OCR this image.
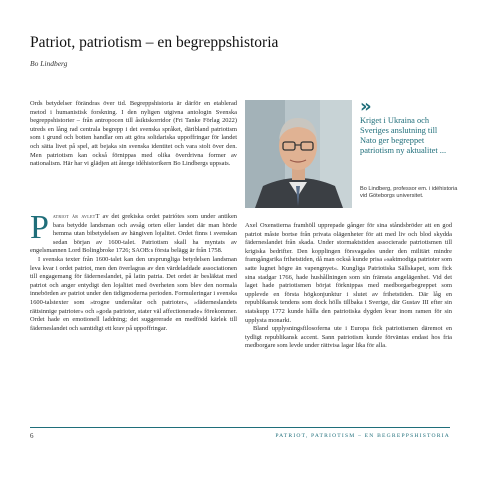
Patriot, patriotism – en begreppshistoria
Bo Lindberg

Ords betydelser förändras över tid. Begreppshistoria är därför en etablerad metod i humanistisk forskning. I den nyligen utgivna antologin Svenska begreppshistorier – från antropocen till åsiktskorridor (Fri Tanke Förlag 2022) utreds en lång rad centrala begrepp i det svenska språket, däribland patriotism som i grund och botten handlar om att göra solidariska uppoffringar för landet och sätta livet på spel, att bejaka sin svenska identitet och vara stolt över den. Men patriotism kan också förnippas med olika överdrivna former av nationalism. Här har vi glädjen att återge idéhistorikern Bo Lindbergs uppsats.

»
Kriget i Ukraina och Sveriges anslutning till Nato ger begreppet patriotism ny aktualitet ...
Bo Lindberg, professor em. i idéhistoria vid Göteborgs universitet.

Patriot är avletT av det grekiska ordet patriótes som under antiken bara betydde landsman och avsåg orten eller landet där man hörde hemma utan bibetydelsen av hängiven lojalitet. Ordet finns i svenskan sedan början av 1600-talet. Patriotism skall ha myntats av engelsmannen Lord Bolingbroke 1726; SAOB:s första belägg är från 1758.

I svenska texter från 1600-talet kan den ursprungliga betydelsen landsman leva kvar i ordet patriot, men den överlagras av den värdeladdade associationen till engagemang för fäderneslandet, på latin patria. Det ordet är besläktat med patriot och anger entydigt den lojalitet med överheten som blev den normala innebörden av patriot under den tidigmoderna perioden. Formuleringar i svenska 1600-talstexter som »trogne undersåtar och patrioter«, »fäderneslandets rättsinnige patrioter« och »goda patrioter, stater väl affectionerade« förekommer. Ordet hade en emotionell laddning; det suggererade en medfödd kärlek till fäderneslandet och samtidigt ett krav på uppoffringar.

Axel Oxenstierna framhöll upprepade gånger för sina ståndsbröder att en god patriot måste bortse från privata olägenheter för att med liv och blod skydda fäderneslandet från skada. Under stormaktstiden associerade patriotismen till krigiska bedrifter. Den kopplingen försvagades under den militärt mindre framgångsrika frihetstiden, då man också kunde prisa »saktmodiga patrioter som satte lugnet högre än vapengnyet«. Kungliga Patriotiska Sällskapet, som fick sina stadgar 1766, hade hushållningen som sin främsta angelägenhet. Vid det laget hade patriotismen börjat förknippas med medborgarbegreppet som upplevde en första högkonjunktur i slutet av frihetstiden. Där låg en republikansk tendens som dock hölls tillbaka i Sverige, där Gustav III efter sin statskupp 1772 kunde hålla den patriotiska dygden kvar inom ramen för sin upplysta monarki.

Bland upplysningsfilosoferna ute i Europa fick patriotismen däremot en tydligt republikansk accent. Sann patriotism kunde förväntas endast hos fria medborgare som levde under rättvisa lagar lika för alla.

6	PATRIOT, PATRIOTISM – EN BEGREPPSHISTORIA
